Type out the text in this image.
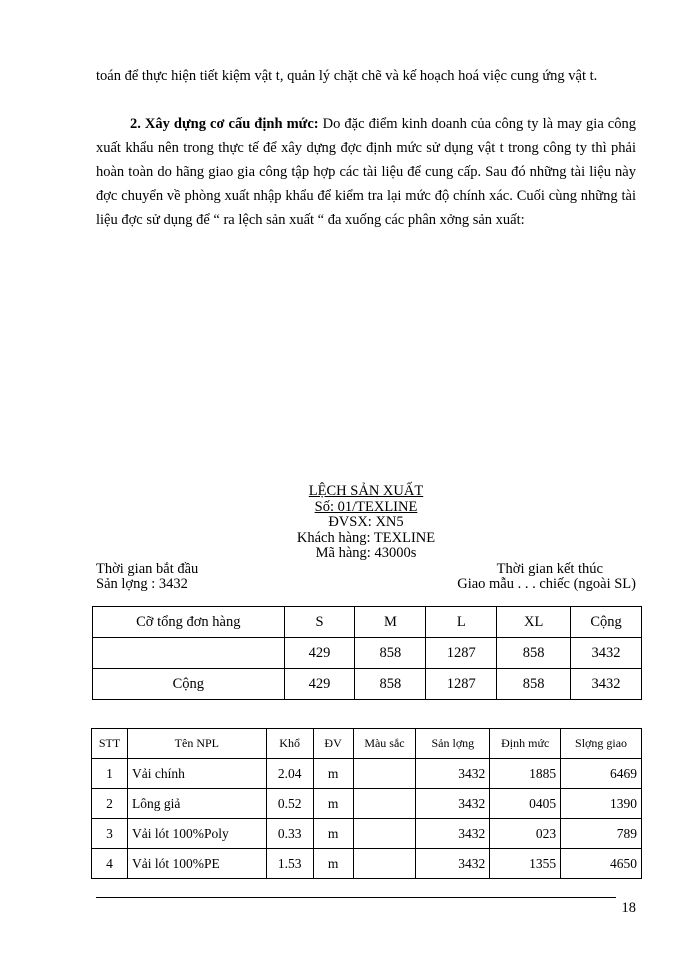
toán để thực hiện tiết kiệm vật t, quản lý chặt chẽ và kế hoạch hoá việc cung ứng vật t.
2. Xây dựng cơ cấu định mức: Do đặc điểm kinh doanh của công ty là may gia công xuất khẩu nên trong thực tế để xây dựng đợc định mức sử dụng vật t trong công ty thì phải hoàn toàn do hãng giao gia công tập hợp các tài liệu để cung cấp. Sau đó những tài liệu này đợc chuyển về phòng xuất nhập khẩu để kiểm tra lại mức độ chính xác. Cuối cùng những tài liệu đợc sử dụng để “ ra lệch sản xuất “ đa xuống các phân xởng sản xuất:
LỆCH SẢN XUẤT
Số: 01/TEXLINE
ĐVSX: XN5
Khách hàng: TEXLINE
Mã hàng: 43000s
Thời gian bắt đầu	Thời gian kết thúc
Sản lợng : 3432	Giao mẫu . . . chiếc (ngoài SL)
Cỡ tổng đơn hàng	S	M	L	XL	Cộng
	429	858	1287	858	3432
Cộng	429	858	1287	858	3432
STT	Tên NPL	Khổ	ĐV	Màu sắc	Sản lợng	Định mức	Slợng giao
1	Vải chính	2.04	m		3432	1885	6469
2	Lông giả	0.52	m		3432	0405	1390
3	Vải lót 100%Poly	0.33	m		3432	023	789
4	Vải lót 100%PE	1.53	m		3432	1355	4650
18
